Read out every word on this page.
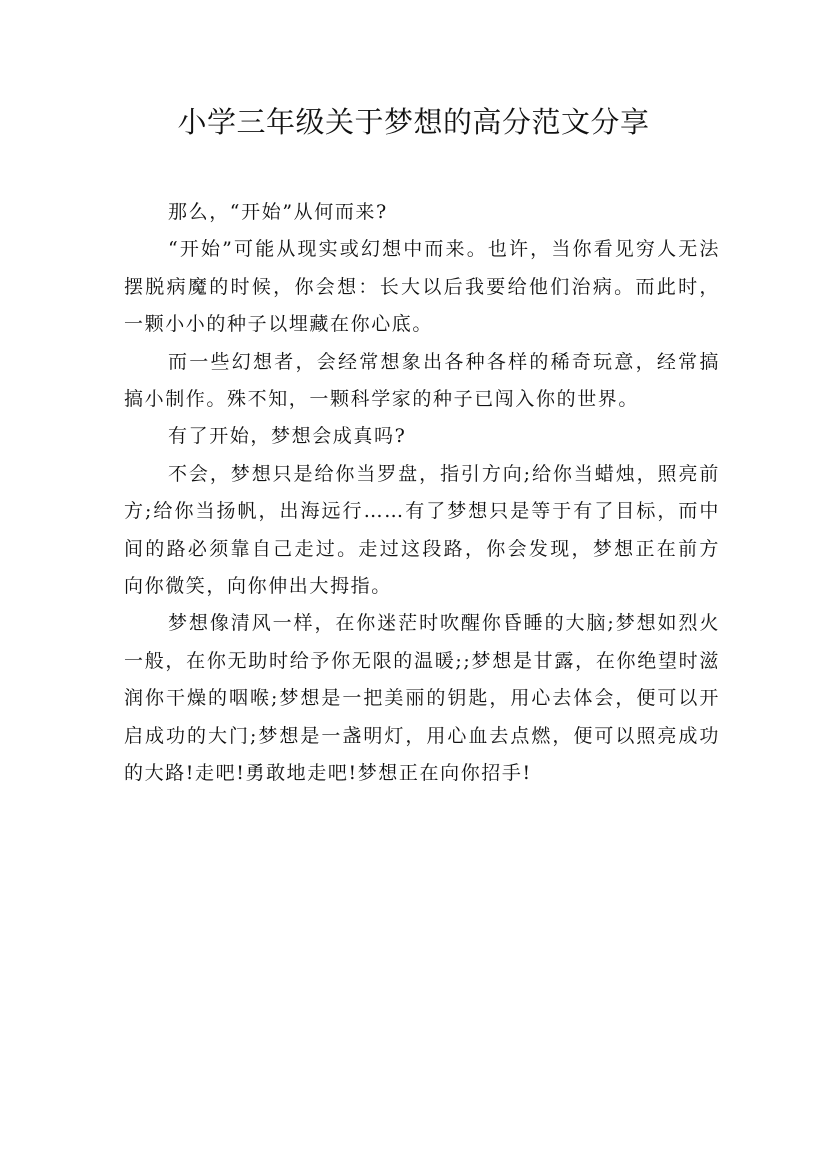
小学三年级关于梦想的高分范文分享

那么，“开始”从何而来?

“开始”可能从现实或幻想中而来。也许，当你看见穷人无法摆脱病魔的时候，你会想：长大以后我要给他们治病。而此时，一颗小小的种子以埋藏在你心底。

而一些幻想者，会经常想象出各种各样的稀奇玩意，经常搞搞小制作。殊不知，一颗科学家的种子已闯入你的世界。

有了开始，梦想会成真吗?

不会，梦想只是给你当罗盘，指引方向;给你当蜡烛，照亮前方;给你当扬帆，出海远行……有了梦想只是等于有了目标，而中间的路必须靠自己走过。走过这段路，你会发现，梦想正在前方向你微笑，向你伸出大拇指。

梦想像清风一样，在你迷茫时吹醒你昏睡的大脑;梦想如烈火一般，在你无助时给予你无限的温暖;;梦想是甘露，在你绝望时滋润你干燥的咽喉;梦想是一把美丽的钥匙，用心去体会，便可以开启成功的大门;梦想是一盏明灯，用心血去点燃，便可以照亮成功的大路!走吧!勇敢地走吧!梦想正在向你招手!
